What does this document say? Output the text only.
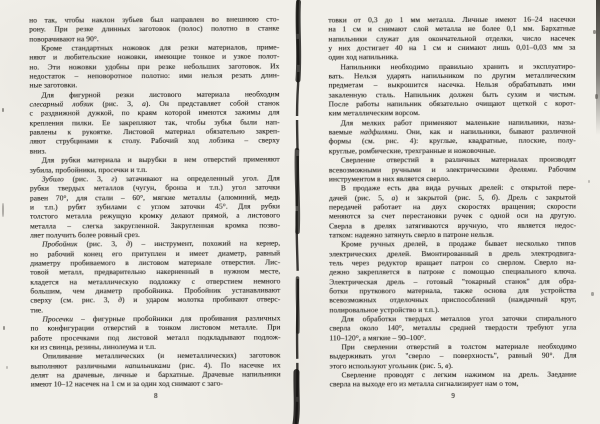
но так, чтобы наклон зубьев был направлен во внешнюю сто-
рону. При резке длинных заготовок (полос) полотно в станке
поворачивают на 90°.
Кроме стандартных ножовок для резки материалов, приме-
няют и любительские ножовки, имеющие тонкое и узкое полот-
но. Эти ножовки удобны при резке небольших заготовок. Их
недостаток – неповоротное полотно: ими нельзя резать длин-
ные заготовки.
Для фигурной резки листового материала необходим
слесарный лобзик (рис. 3, а). Он представляет собой станок
с раздвижной дужкой, по краям которой имеются зажимы для
крепления пилки. Ее закрепляют так, чтобы зубья были нап-
равлены к рукоятке. Листовой материал обязательно закреп-
ляют струбцинами к столу. Рабочий ход лобзика – сверху
вниз.
Для рубки материала и вырубки в нем отверстий применяют
зубила, пробойники, просечки и т.п.
Зубило (рис. 3, г) затачивают на определенный угол. Для
рубки твердых металлов (чугун, бронза и т.п.) угол заточки
равен 70°, для стали – 60°, мягкие металлы (алюминий, медь
и т.п.) рубят зубилами с углом заточки 45°. Для рубки
толстого металла режущую кромку делают прямой, а листового
металла – слегка закругленной. Закругленная кромка позво-
ляет получить более ровный срез.
Пробойник (рис. 3, д) – инструмент, похожий на кернер,
но рабочий конец его притуплен и имеет диаметр, равный
диаметру пробиваемого в листовом материале отверстия. Лис-
товой металл, предварительно накерненный в нужном месте,
кладется на металлическую подложку с отверстием немного
большим, чем диаметр пробойника. Пробойник устанавливают
сверху (см. рис. 3, д) и ударом молотка пробивают отверс-
тие.
Просечки – фигурные пробойники для пробивания различных
по конфигурации отверстий в тонком листовом металле. При
работе просечками под листовой металл подкладывают подлож-
ки из свинца, резины, линолеума и т.п.
Опиливание металлических (и неметаллических) заготовок
выполняют различными напильниками (рис. 4). По насечке их
делят на драчевые, личные и бархатные. Драчевые напильники
имеют 10–12 насечек на 1 см и за один ход снимают с заго-
8
товки от 0,3 до 1 мм металла. Личные имеют 16–24 насечки
на 1 см и снимают слой металла не более 0,1 мм. Бархатные
напильники служат для окончательной отделки, число насечек
у них достигает 40 на 1 см и снимают лишь 0,01–0,03 мм за
один ход напильника.
Напильники необходимо правильно хранить и эксплуатиро-
вать. Нельзя ударять напильником по другим металлическим
предметам – выкрошится насечка. Нельзя обрабатывать ими
закаленную сталь. Напильник должен быть сухим и чистым.
После работы напильник обязательно очищают щеткой с корот-
ким металлическим ворсом.
Для мелких работ применяют маленькие напильники, назы-
ваемые надфилями. Они, как и напильники, бывают различной
формы (см. рис. 4): круглые, квадратные, плоские, полу-
круглые, ромбические, трехгранные и ножовочные.
Сверление отверстий в различных материалах производят
всевозможными ручными и электрическими дрелями. Рабочим
инструментом в них является сверло.
В продаже есть два вида ручных дрелей: с открытой пере-
дачей (рис. 5, а) и закрытой (рис. 5, б). Дрель с закрытой
передачей работает на двух скоростях вращения; скорости
меняются за счет перестановки ручек с одной оси на другую.
Сверла в дрелях затягиваются вручную, что является недос-
татком: надежно затянуть сверло в патроне нельзя.
Кроме ручных дрелей, в продаже бывает несколько типов
электрических дрелей. Вмонтированный в дрель электродвига-
тель через редуктор вращает патрон со сверлом. Сверло на-
дежно закрепляется в патроне с помощью специального ключа.
Электрическая дрель – готовый "токарный станок" для обра-
ботки пруткового материала, также основа для устройства
всевозможных отделочных приспособлений (наждачный круг,
полировальное устройство и т.п.).
Для обработки твердых металлов угол заточки спирального
сверла около 140°, металлы средней твердости требуют угла
110–120°, а мягкие – 90–100°.
При сверлении отверстий в толстом материале необходимо
выдерживать угол "сверло – поверхность", равный 90°. Для
этого используют угольник (рис. 5, в).
Сверление проводят с легким нажимом на дрель. Заедание
сверла на выходе его из металла сигнализирует нам о том,
9
